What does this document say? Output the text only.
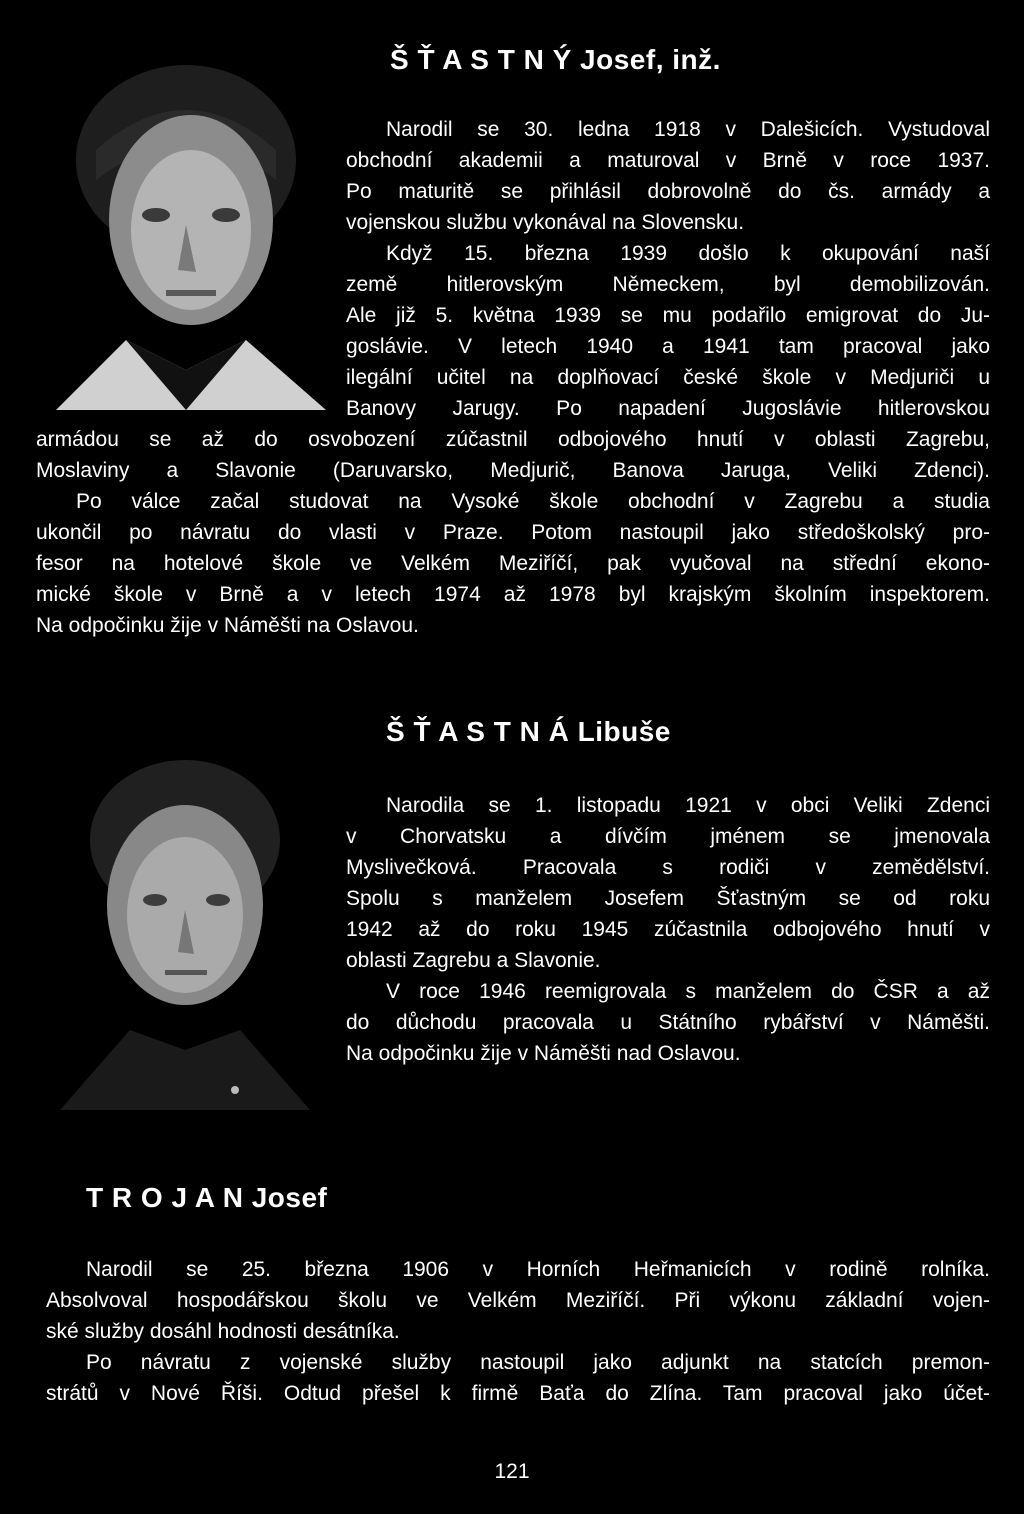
Š Ť A S T N Ý Josef, inž.
Narodil se 30. ledna 1918 v Dalešicích. Vystudoval
obchodní akademii a maturoval v Brně v roce 1937.
Po maturitě se přihlásil dobrovolně do čs. armády a
vojenskou službu vykonával na Slovensku.
Když 15. března 1939 došlo k okupování naší
země hitlerovským Německem, byl demobilizován.
Ale již 5. května 1939 se mu podařilo emigrovat do Ju-
goslávie. V letech 1940 a 1941 tam pracoval jako
ilegální učitel na doplňovací české škole v Medjuriči u
Banovy Jarugy. Po napadení Jugoslávie hitlerovskou
armádou se až do osvobození zúčastnil odbojového hnutí v oblasti Zagrebu,
Moslaviny a Slavonie (Daruvarsko, Medjurič, Banova Jaruga, Veliki Zdenci).
Po válce začal studovat na Vysoké škole obchodní v Zagrebu a studia
ukončil po návratu do vlasti v Praze. Potom nastoupil jako středoškolský pro-
fesor na hotelové škole ve Velkém Meziříčí, pak vyučoval na střední ekono-
mické škole v Brně a v letech 1974 až 1978 byl krajským školním inspektorem.
Na odpočinku žije v Náměšti na Oslavou.
Š Ť A S T N Á Libuše
Narodila se 1. listopadu 1921 v obci Veliki Zdenci
v Chorvatsku a dívčím jménem se jmenovala
Myslivečková. Pracovala s rodiči v zemědělství.
Spolu s manželem Josefem Šťastným se od roku
1942 až do roku 1945 zúčastnila odbojového hnutí v
oblasti Zagrebu a Slavonie.
V roce 1946 reemigrovala s manželem do ČSR a až
do důchodu pracovala u Státního rybářství v Náměšti.
Na odpočinku žije v Náměšti nad Oslavou.
T R O J A N Josef
Narodil se 25. března 1906 v Horních Heřmanicích v rodině rolníka.
Absolvoval hospodářskou školu ve Velkém Meziříčí. Při výkonu základní vojen-
ské služby dosáhl hodnosti desátníka.
Po návratu z vojenské služby nastoupil jako adjunkt na statcích premon-
strátů v Nové Říši. Odtud přešel k firmě Baťa do Zlína. Tam pracoval jako účet-
121
